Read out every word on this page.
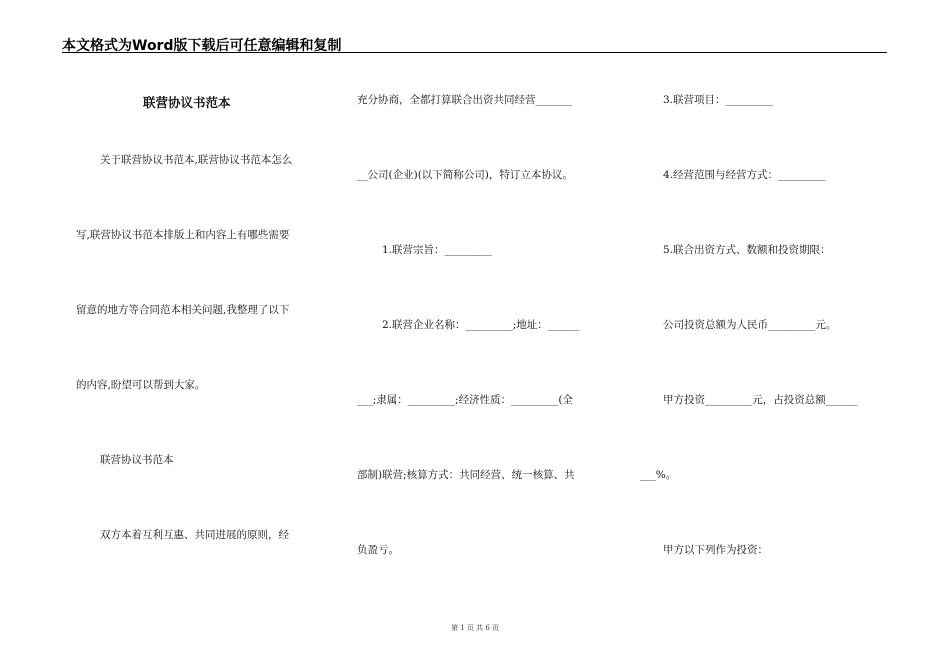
本文格式为Word版下载后可任意编辑和复制
联营协议书范本
关于联营协议书范本,联营协议书范本怎么
写,联营协议书范本排版上和内容上有哪些需要
留意的地方等合同范本相关问题,我整理了以下
的内容,盼望可以帮到大家。
联营协议书范本
双方本着互利互惠、共同进展的原则，经
充分协商，全都打算联合出资共同经营_______
__公司(企业)(以下简称公司)，特订立本协议。
1.联营宗旨：_________
2.联营企业名称：_________;地址：______
___;隶属：_________;经济性质：_________(全
部制)联营;核算方式：共同经营、统一核算、共
负盈亏。
3.联营项目：_________
4.经营范围与经营方式：_________
5.联合出资方式、数额和投资期限：
公司投资总额为人民币_________元。
甲方投资_________元，占投资总额______
___%。
甲方以下列作为投资：
第 1 页 共 6 页
